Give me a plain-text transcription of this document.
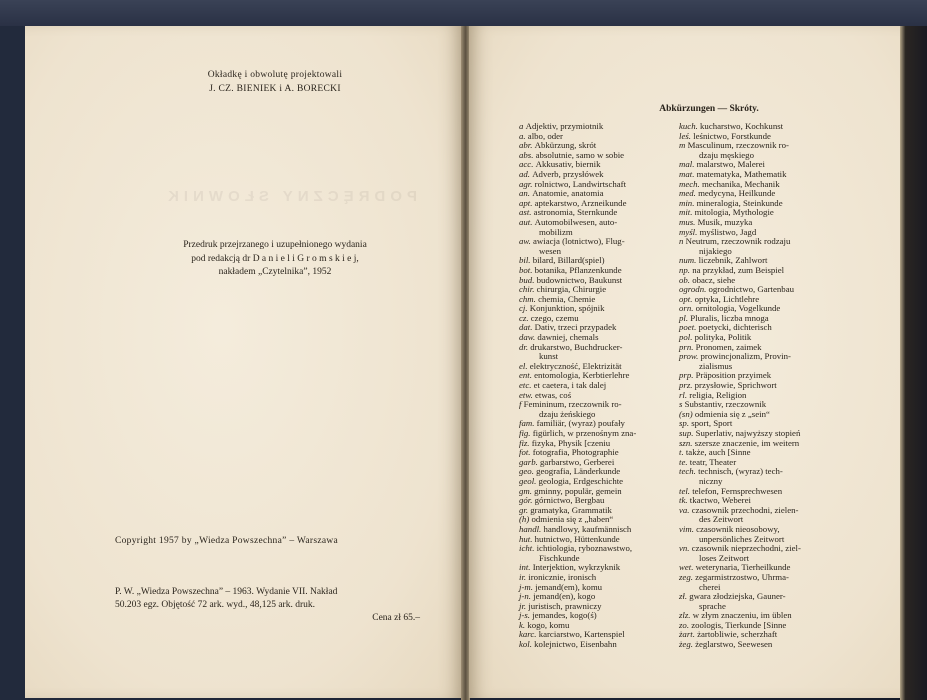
Okładkę i obwolutę projektowali
J. CZ. BIENIEK i A. BORECKI
PODRĘCZNY SŁOWNIK
Przedruk przejrzanego i uzupełnionego wydania
pod redakcją dr D a n i e l i G r o m s k i e j,
nakładem „Czytelnika”, 1952
Copyright 1957 by „Wiedza Powszechna” – Warszawa
P. W. „Wiedza Powszechna” – 1963. Wydanie VII. Nakład
50.203 egz. Objętość 72 ark. wyd., 48,125 ark. druk.
Cena zł 65.–
Abkürzungen — Skróty.
a Adjektiv, przymiotnik
a. albo, oder
abr. Abkürzung, skrót
abs. absolutnie, samo w sobie
acc. Akkusativ, biernik
ad. Adverb, przysłówek
agr. rolnictwo, Landwirtschaft
an. Anatomie, anatomia
apt. aptekarstwo, Arzneikunde
ast. astronomia, Sternkunde
aut. Automobilwesen, auto-
mobilizm
aw. awiacja (lotnictwo), Flug-
wesen
bil. bilard, Billard(spiel)
bot. botanika, Pflanzenkunde
bud. budownictwo, Baukunst
chir. chirurgia, Chirurgie
chm. chemia, Chemie
cj. Konjunktion, spójnik
cz. czego, czemu
dat. Dativ, trzeci przypadek
daw. dawniej, chemals
dr. drukarstwo, Buchdrucker-
kunst
el. elektryczność, Elektrizität
ent. entomologia, Kerbtierlehre
etc. et caetera, i tak dalej
etw. etwas, coś
f Femininum, rzeczownik ro-
dzaju żeńskiego
fam. familiär, (wyraz) poufały
fig. figürlich, w przenośnym zna-
fiz. fizyka, Physik [czeniu
fot. fotografia, Photographie
garb. garbarstwo, Gerberei
geo. geografia, Länderkunde
geol. geologia, Erdgeschichte
gm. gminny, populär, gemein
gór. górnictwo, Bergbau
gr. gramatyka, Grammatik
(h) odmienia się z „haben“
handl. handlowy, kaufmännisch
hut. hutnictwo, Hüttenkunde
icht. ichtiologia, ryboznawstwo,
Fischkunde
int. Interjektion, wykrzyknik
ir. ironicznie, ironisch
j-m. jemand(em), komu
j-n. jemand(en), kogo
jr. juristisch, prawniczy
j-s. jemandes, kogo(ś)
k. kogo, komu
karc. karciarstwo, Kartenspiel
kol. kolejnictwo, Eisenbahn
kuch. kucharstwo, Kochkunst
leś. leśnictwo, Forstkunde
m Masculinum, rzeczownik ro-
dzaju męskiego
mal. malarstwo, Malerei
mat. matematyka, Mathematik
mech. mechanika, Mechanik
med. medycyna, Heilkunde
min. mineralogia, Steinkunde
mit. mitologia, Mythologie
mus. Musik, muzyka
myśl. myślistwo, Jagd
n Neutrum, rzeczownik rodzaju
nijakiego
num. liczebnik, Zahlwort
np. na przykład, zum Beispiel
ob. obacz, siehe
ogrodn. ogrodnictwo, Gartenbau
opt. optyka, Lichtlehre
orn. ornitologia, Vogelkunde
pl. Pluralis, liczba mnoga
poet. poetycki, dichterisch
pol. polityka, Politik
prn. Pronomen, zaimek
prow. prowincjonalizm, Provin-
zialismus
prp. Präposition przyimek
prz. przysłowie, Sprichwort
rl. religia, Religion
s Substantiv, rzeczownik
(sn) odmienia się z „sein“
sp. sport, Sport
sup. Superlativ, najwyższy stopień
szn. szersze znaczenie, im weitern
t. także, auch [Sinne
te. teatr, Theater
tech. technisch, (wyraz) tech-
niczny
tel. telefon, Fernsprechwesen
tk. tkactwo, Weberei
va. czasownik przechodni, zielen-
des Zeitwort
vim. czasownik nieosobowy,
unpersönliches Zeitwort
vn. czasownik nieprzechodni, ziel-
loses Zeitwort
wet. weterynaria, Tierheilkunde
zeg. zegarmistrzostwo, Uhrma-
cherei
zł. gwara złodziejska, Gauner-
sprache
zlz. w złym znaczeniu, im üblen
zo. zoologis, Tierkunde [Sinne
żart. żartobliwie, scherzhaft
żeg. żeglarstwo, Seewesen
